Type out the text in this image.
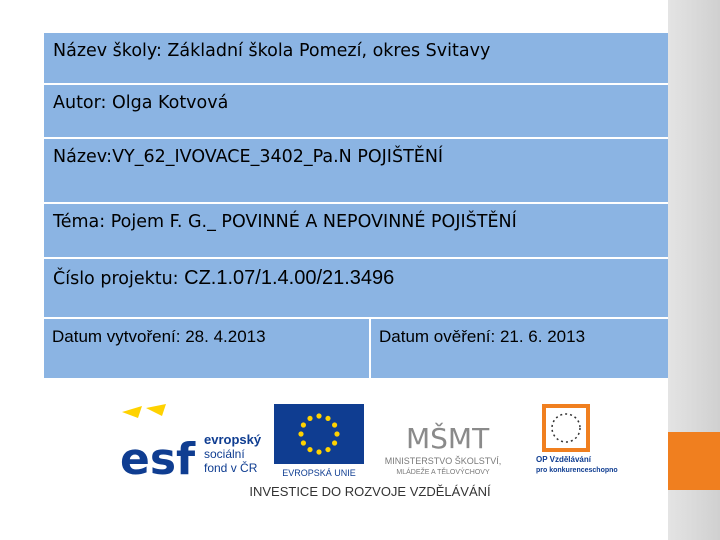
Název školy: Základní škola Pomezí, okres Svitavy
Autor: Olga Kotvová
Název:VY_62_IVOVACE_3402_Pa.N POJIŠTĚNÍ
Téma: Pojem F. G._ POVINNÉ A NEPOVINNÉ POJIŠTĚNÍ
Číslo projektu: CZ.1.07/1.4.00/21.3496
Datum vytvoření: 28. 4.2013	Datum ověření: 21. 6. 2013
esf evropský
sociální
fond v ČR	EVROPSKÁ UNIE
MŠMT
MINISTERSTVO ŠKOLSTVÍ,
MLÁDEŽE A TĚLOVÝCHOVY
OP Vzdělávání
pro konkurenceschopnost
INVESTICE DO ROZVOJE VZDĚLÁVÁNÍ
